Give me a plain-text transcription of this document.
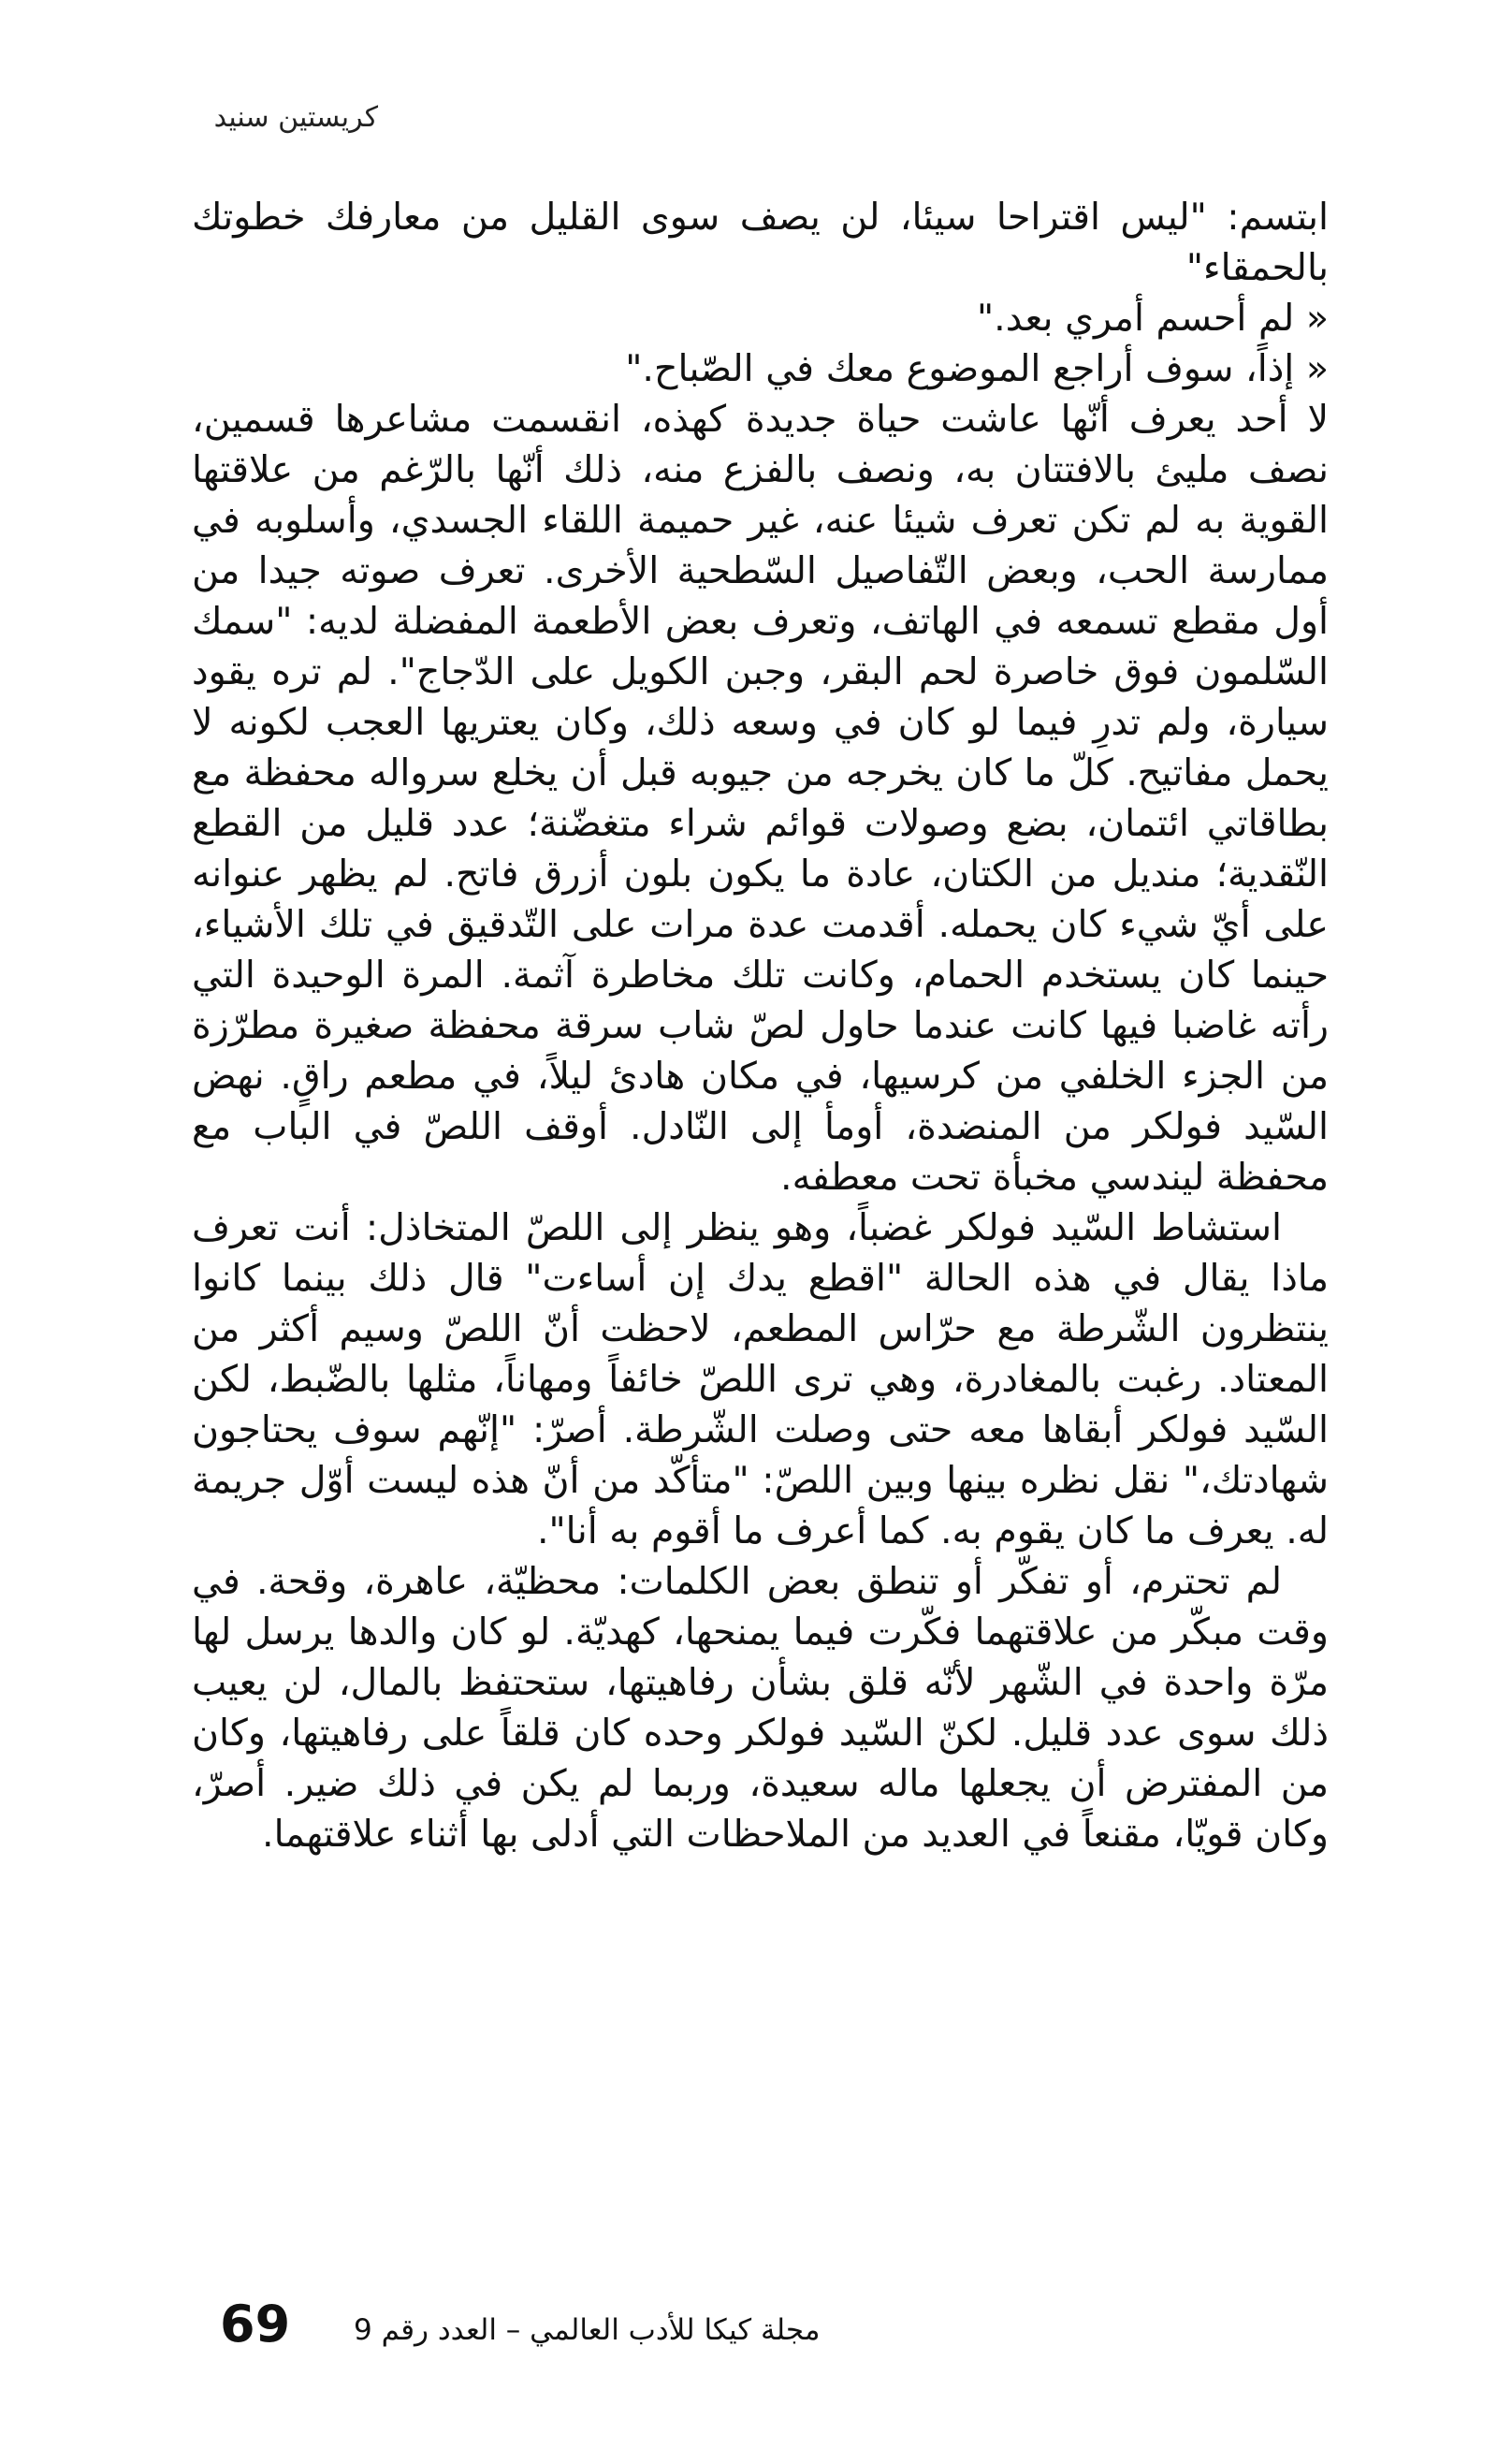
كريستين سنيد

ابتسم: "ليس اقتراحا سيئا، لن يصف سوى القليل من معارفك خطوتك بالحمقاء"

« لم أحسم أمري بعد."

« إذاً، سوف أراجع الموضوع معك في الصّباح."

لا أحد يعرف أنّها عاشت حياة جديدة كهذه، انقسمت مشاعرها قسمين، نصف مليئ بالافتتان به، ونصف بالفزع منه، ذلك أنّها بالرّغم من علاقتها القوية به لم تكن تعرف شيئا عنه، غير حميمة اللقاء الجسدي، وأسلوبه في ممارسة الحب، وبعض التّفاصيل السّطحية الأخرى. تعرف صوته جيدا من أول مقطع تسمعه في الهاتف، وتعرف بعض الأطعمة المفضلة لديه: "سمك السّلمون فوق خاصرة لحم البقر، وجبن الكويل على الدّجاج". لم تره يقود سيارة، ولم تدرِ فيما لو كان في وسعه ذلك، وكان يعتريها العجب لكونه لا يحمل مفاتيح. كلّ ما كان يخرجه من جيوبه قبل أن يخلع سرواله محفظة مع بطاقاتي ائتمان، بضع وصولات قوائم شراء متغضّنة؛ عدد قليل من القطع النّقدية؛ منديل من الكتان، عادة ما يكون بلون أزرق فاتح. لم يظهر عنوانه على أيّ شيء كان يحمله. أقدمت عدة مرات على التّدقيق في تلك الأشياء، حينما كان يستخدم الحمام، وكانت تلك مخاطرة آثمة. المرة الوحيدة التي رأته غاضبا فيها كانت عندما حاول لصّ شاب سرقة محفظة صغيرة مطرّزة من الجزء الخلفي من كرسيها، في مكان هادئ ليلاً، في مطعم راقٍ. نهض السّيد فولكر من المنضدة، أومأ إلى النّادل. أوقف اللصّ في الباب مع محفظة ليندسي مخبأة تحت معطفه.

استشاط السّيد فولكر غضباً، وهو ينظر إلى اللصّ المتخاذل: أنت تعرف ماذا يقال في هذه الحالة "اقطع يدك إن أساءت" قال ذلك بينما كانوا ينتظرون الشّرطة مع حرّاس المطعم، لاحظت أنّ اللصّ وسيم أكثر من المعتاد. رغبت بالمغادرة، وهي ترى اللصّ خائفاً ومهاناً، مثلها بالضّبط، لكن السّيد فولكر أبقاها معه حتى وصلت الشّرطة. أصرّ: "إنّهم سوف يحتاجون شهادتك،" نقل نظره بينها وبين اللصّ: "متأكّد من أنّ هذه ليست أوّل جريمة له. يعرف ما كان يقوم به. كما أعرف ما أقوم به أنا".

لم تحترم، أو تفكّر أو تنطق بعض الكلمات: محظيّة، عاهرة، وقحة. في وقت مبكّر من علاقتهما فكّرت فيما يمنحها، كهديّة. لو كان والدها يرسل لها مرّة واحدة في الشّهر لأنّه قلق بشأن رفاهيتها، ستحتفظ بالمال، لن يعيب ذلك سوى عدد قليل. لكنّ السّيد فولكر وحده كان قلقاً على رفاهيتها، وكان من المفترض أن يجعلها ماله سعيدة، وربما لم يكن في ذلك ضير. أصرّ، وكان قويّا، مقنعاً في العديد من الملاحظات التي أدلى بها أثناء علاقتهما.

69 مجلة كيكا للأدب العالمي – العدد رقم 9
